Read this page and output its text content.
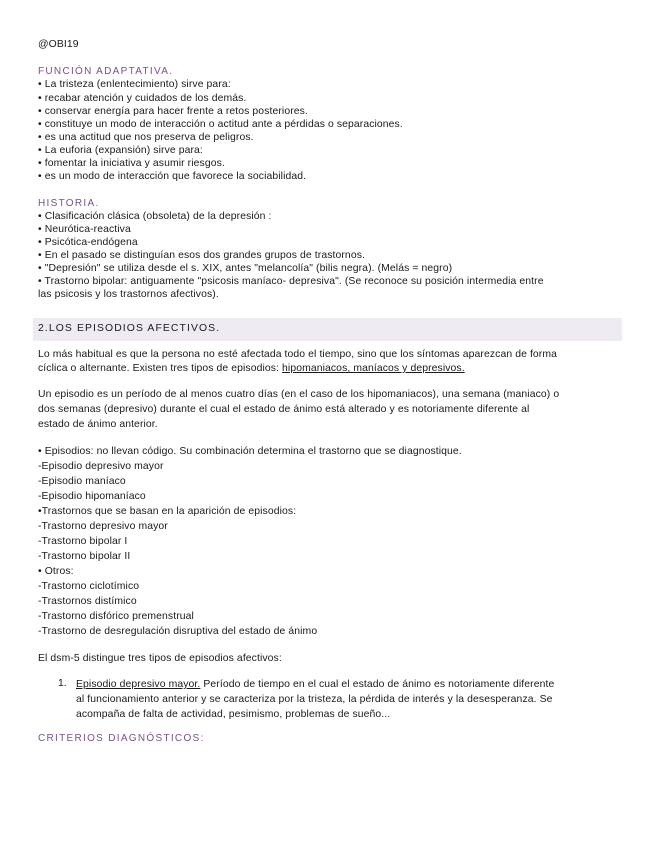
@OBI19
FUNCIÓN ADAPTATIVA.
• La tristeza (enlentecimiento) sirve para:
• recabar atención y cuidados de los demás.
• conservar energía para hacer frente a retos posteriores.
• constituye un modo de interacción o actitud ante a pérdidas o separaciones.
• es una actitud que nos preserva de peligros.
• La euforia (expansión) sirve para:
• fomentar la iniciativa y asumir riesgos.
• es un modo de interacción que favorece la sociabilidad.
HISTORIA.
• Clasificación clásica (obsoleta) de la depresión :
• Neurótica-reactiva
• Psicótica-endógena
• En el pasado se distinguían esos dos grandes grupos de trastornos.
• "Depresión" se utiliza desde el s. XIX, antes "melancolía" (bilis negra). (Melás = negro)
• Trastorno bipolar: antiguamente "psicosis maníaco- depresiva". (Se reconoce su posición intermedia entre
las psicosis y los trastornos afectivos).
2.LOS EPISODIOS AFECTIVOS.
Lo más habitual es que la persona no esté afectada todo el tiempo, sino que los síntomas aparezcan de forma
cíclica o alternante. Existen tres tipos de episodios: hipomaniacos, maníacos y depresivos.
Un episodio es un período de al menos cuatro días (en el caso de los hipomaniacos), una semana (maniaco) o
dos semanas (depresivo) durante el cual el estado de ánimo está alterado y es notoriamente diferente al
estado de ánimo anterior.
• Episodios: no llevan código. Su combinación determina el trastorno que se diagnostique.
-Episodio depresivo mayor
-Episodio maníaco
-Episodio hipomaníaco
•Trastornos que se basan en la aparición de episodios:
-Trastorno depresivo mayor
-Trastorno bipolar I
-Trastorno bipolar II
• Otros:
-Trastorno ciclotímico
-Trastornos distímico
-Trastorno disfórico premenstrual
-Trastorno de desregulación disruptiva del estado de ánimo
El dsm-5 distingue tres tipos de episodios afectivos:
1. Episodio depresivo mayor. Período de tiempo en el cual el estado de ánimo es notoriamente diferente
al funcionamiento anterior y se caracteriza por la tristeza, la pérdida de interés y la desesperanza. Se
acompaña de falta de actividad, pesimismo, problemas de sueño...
CRITERIOS DIAGNÓSTICOS:
